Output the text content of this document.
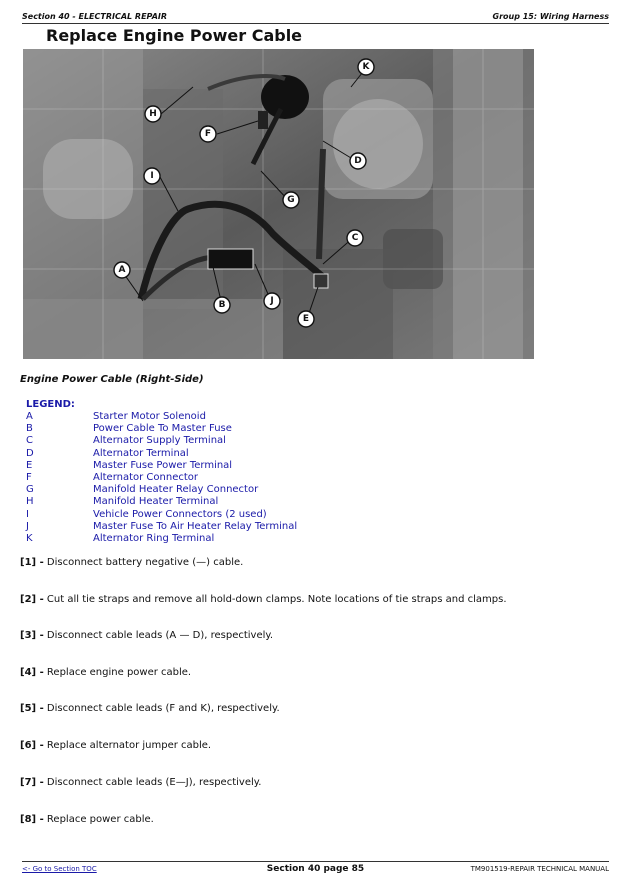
Section 40 - ELECTRICAL REPAIR	Group 15: Wiring Harness
Replace Engine Power Cable
K
H
F
D
I
G
C
A
B	J
E
Engine Power Cable (Right-Side)
LEGEND:
A	Starter Motor Solenoid
B	Power Cable To Master Fuse
C	Alternator Supply Terminal
D	Alternator Terminal
E	Master Fuse Power Terminal
F	Alternator Connector
G	Manifold Heater Relay Connector
H	Manifold Heater Terminal
I	Vehicle Power Connectors (2 used)
J	Master Fuse To Air Heater Relay Terminal
K	Alternator Ring Terminal
[1] - Disconnect battery negative (—) cable.
[2] - Cut all tie straps and remove all hold-down clamps. Note locations of tie straps and clamps.
[3] - Disconnect cable leads (A — D), respectively.
[4] - Replace engine power cable.
[5] - Disconnect cable leads (F and K), respectively.
[6] - Replace alternator jumper cable.
[7] - Disconnect cable leads (E—J), respectively.
[8] - Replace power cable.
<- Go to Section TOC	Section 40 page 85	TM901519-REPAIR TECHNICAL MANUAL
